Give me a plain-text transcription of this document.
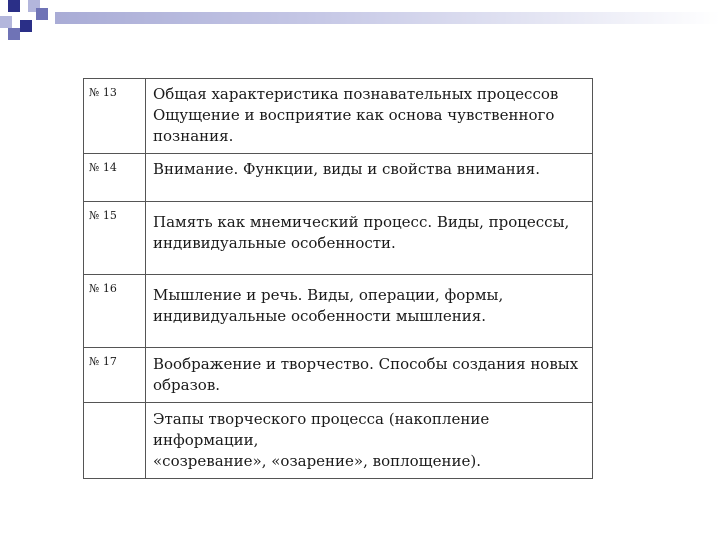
№ 13	Общая характеристика познавательных процессов
Ощущение и восприятие как основа чувственного
познания.

№ 14	Внимание. Функции, виды и свойства внимания.

№ 15	Память как мнемический процесс. Виды, процессы,
индивидуальные особенности.

№ 16	Мышление и речь. Виды, операции, формы,
индивидуальные особенности мышления.

№ 17	Воображение и творчество. Способы создания новых
образов.

	Этапы творческого процесса (накопление информации,
«созревание», «озарение», воплощение).
